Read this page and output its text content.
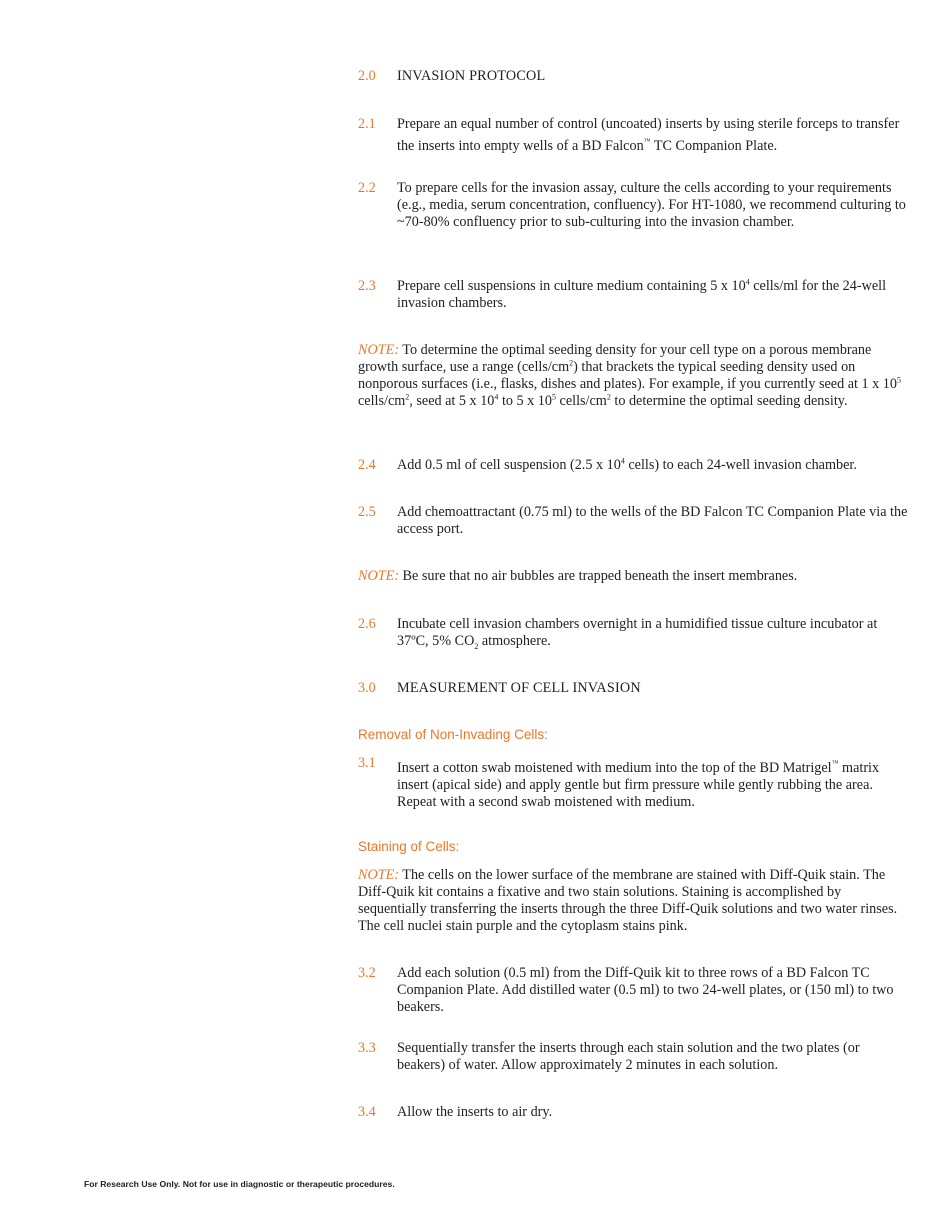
2.0 INVASION PROTOCOL
2.1 Prepare an equal number of control (uncoated) inserts by using sterile forceps to transfer the inserts into empty wells of a BD Falcon™ TC Companion Plate.
2.2 To prepare cells for the invasion assay, culture the cells according to your requirements (e.g., media, serum concentration, confluency). For HT-1080, we recommend culturing to ~70-80% confluency prior to sub-culturing into the invasion chamber.
2.3 Prepare cell suspensions in culture medium containing 5 x $10^4$ cells/ml for the 24-well invasion chambers.
NOTE: To determine the optimal seeding density for your cell type on a porous membrane growth surface, use a range $(cells/cm^2)$ that brackets the typical seeding density used on nonporous surfaces (i.e., flasks, dishes and plates). For example, if you currently seed at 1 x $10^5$ cells/$cm^2$, seed at 5 x $10^4$ to 5 x $10^5$ cells/$cm^2$ to determine the optimal seeding density.
2.4 Add 0.5 ml of cell suspension (2.5 x $10^4$ cells) to each 24-well invasion chamber.
2.5 Add chemoattractant (0.75 ml) to the wells of the BD Falcon TC Companion Plate via the access port.
NOTE: Be sure that no air bubbles are trapped beneath the insert membranes.
2.6 Incubate cell invasion chambers overnight in a humidified tissue culture incubator at 37ºC, 5% $CO_2$ atmosphere.
3.0 MEASUREMENT OF CELL INVASION
Removal of Non-Invading Cells:
3.1 Insert a cotton swab moistened with medium into the top of the BD Matrigel™ matrix insert (apical side) and apply gentle but firm pressure while gently rubbing the area. Repeat with a second swab moistened with medium.
Staining of Cells:
NOTE: The cells on the lower surface of the membrane are stained with Diff-Quik stain. The Diff-Quik kit contains a fixative and two stain solutions. Staining is accomplished by sequentially transferring the inserts through the three Diff-Quik solutions and two water rinses. The cell nuclei stain purple and the cytoplasm stains pink.
3.2 Add each solution (0.5 ml) from the Diff-Quik kit to three rows of a BD Falcon TC Companion Plate. Add distilled water (0.5 ml) to two 24-well plates, or (150 ml) to two beakers.
3.3 Sequentially transfer the inserts through each stain solution and the two plates (or beakers) of water. Allow approximately 2 minutes in each solution.
3.4 Allow the inserts to air dry.
For Research Use Only. Not for use in diagnostic or therapeutic procedures.
